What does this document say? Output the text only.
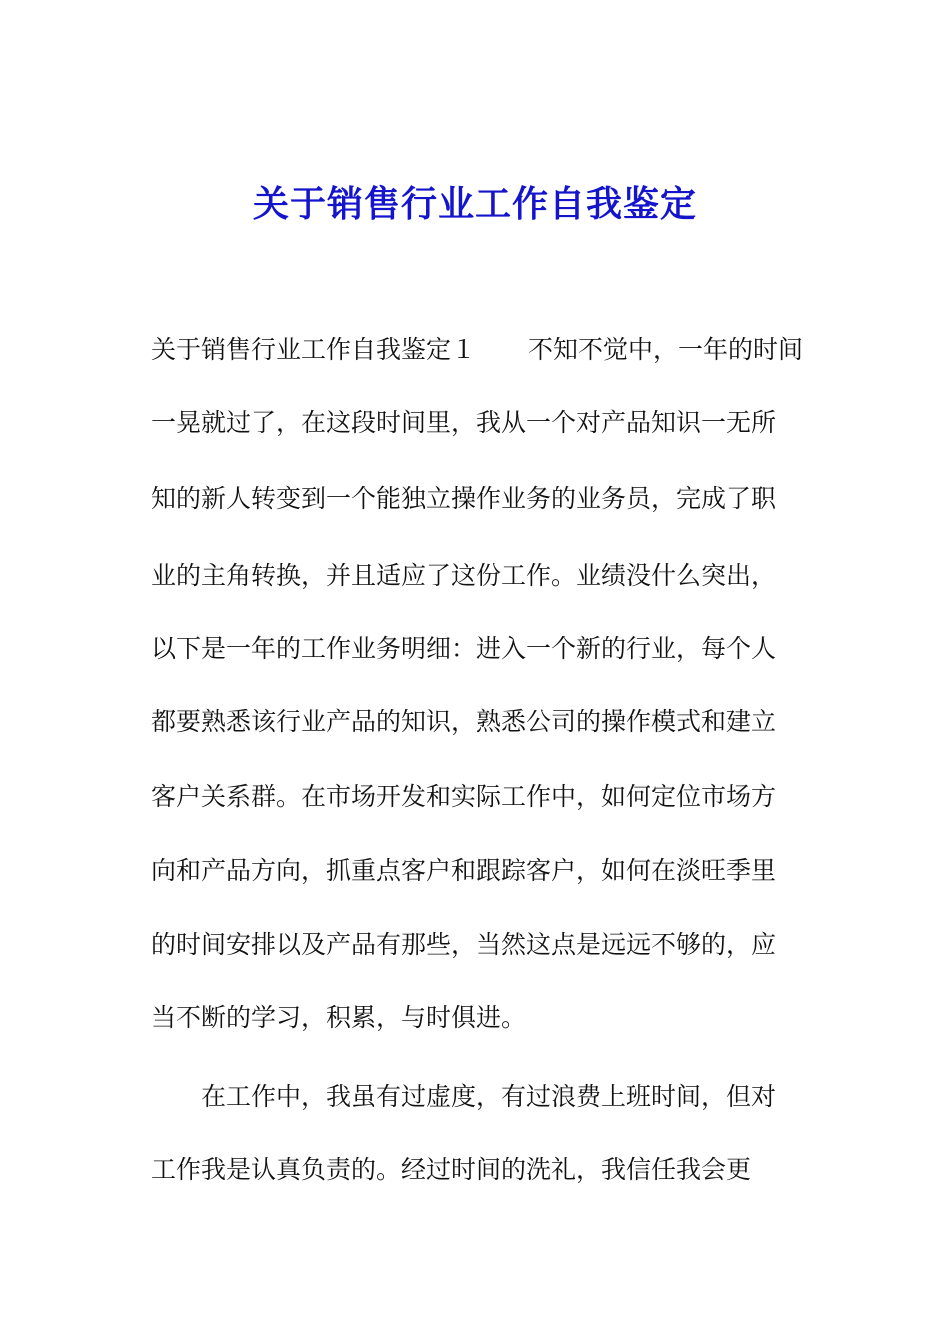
关于销售行业工作自我鉴定
关于销售行业工作自我鉴定１ 不知不觉中，一年的时间
一晃就过了，在这段时间里，我从一个对产品知识一无所
知的新人转变到一个能独立操作业务的业务员，完成了职
业的主角转换，并且适应了这份工作。业绩没什么突出，
以下是一年的工作业务明细：进入一个新的行业，每个人
都要熟悉该行业产品的知识，熟悉公司的操作模式和建立
客户关系群。在市场开发和实际工作中，如何定位市场方
向和产品方向，抓重点客户和跟踪客户，如何在淡旺季里
的时间安排以及产品有那些，当然这点是远远不够的，应
当不断的学习，积累，与时俱进。
在工作中，我虽有过虚度，有过浪费上班时间，但对
工作我是认真负责的。经过时间的洗礼，我信任我会更
